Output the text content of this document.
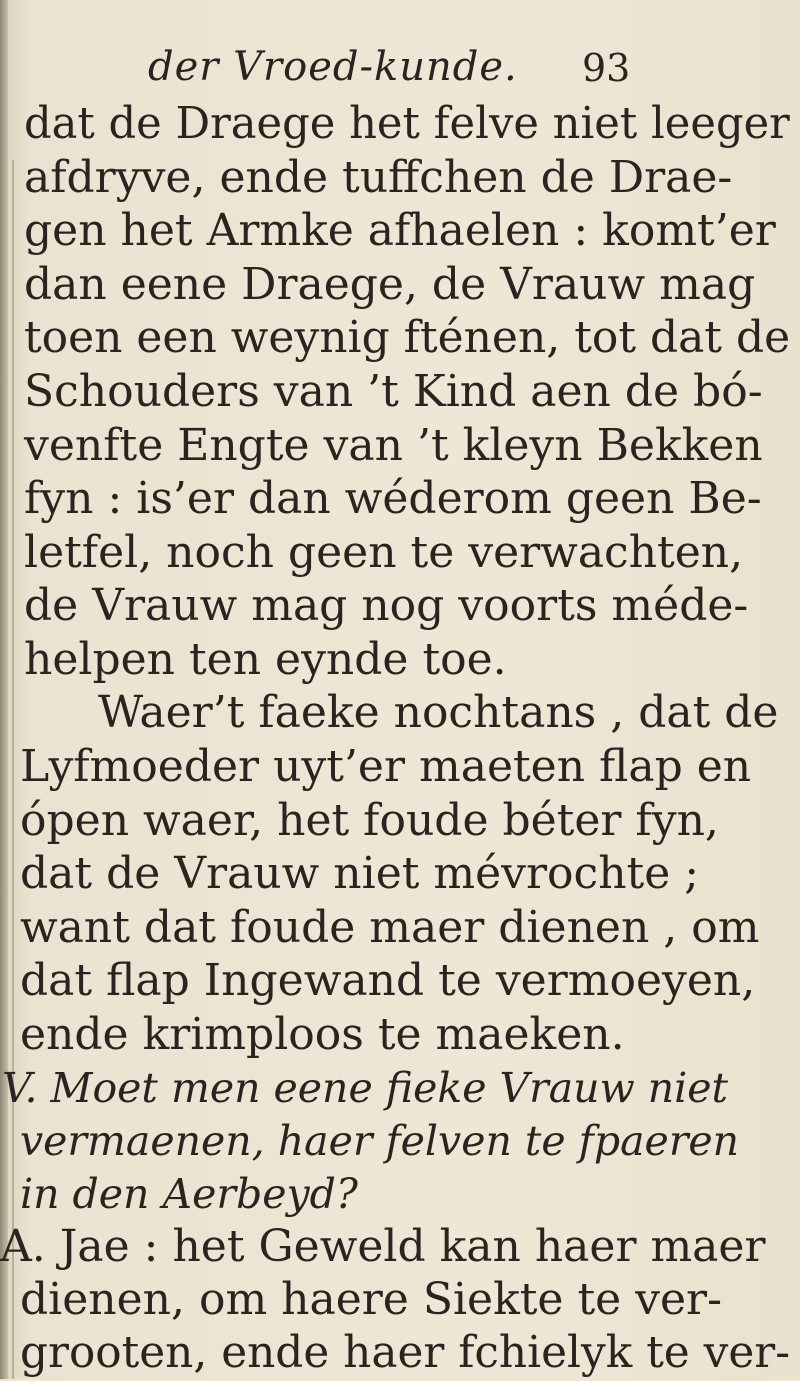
der Vroed-kunde. 93
dat de Draege het felve niet leeger
afdryve, ende tuffchen de Drae-
gen het Armke afhaelen : komt’er
dan eene Draege, de Vrauw mag
toen een weynig fténen, tot dat de
Schouders van ’t Kind aen de bó-
venfte Engte van ’t kleyn Bekken
fyn : is’er dan wéderom geen Be-
letfel, noch geen te verwachten,
de Vrauw mag nog voorts méde-
helpen ten eynde toe.
Waer’t faeke nochtans , dat de
Lyfmoeder uyt’er maeten flap en
ópen waer, het foude béter fyn,
dat de Vrauw niet mévrochte ;
want dat foude maer dienen , om
dat flap Ingewand te vermoeyen,
ende krimploos te maeken.
V. Moet men eene fieke Vrauw niet
vermaenen, haer felven te fpaeren
in den Aerbeyd?
A. Jae : het Geweld kan haer maer
dienen, om haere Siekte te ver-
grooten, ende haer fchielyk te ver-
